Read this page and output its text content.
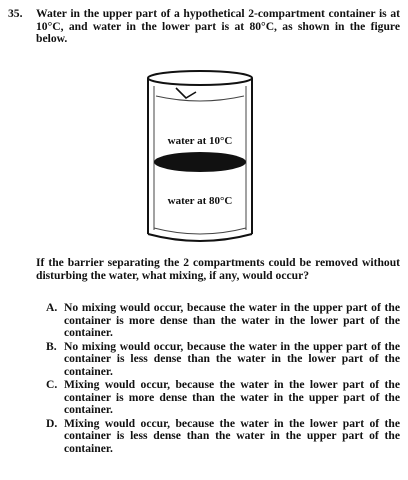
35. Water in the upper part of a hypothetical 2-compartment container is at 10°C, and water in the lower part is at 80°C, as shown in the figure below.
water at 10°C
water at 80°C
If the barrier separating the 2 compartments could be removed without disturbing the water, what mixing, if any, would occur?
A. No mixing would occur, because the water in the upper part of the container is more dense than the water in the lower part of the container.
B. No mixing would occur, because the water in the upper part of the container is less dense than the water in the lower part of the container.
C. Mixing would occur, because the water in the lower part of the container is more dense than the water in the upper part of the container.
D. Mixing would occur, because the water in the lower part of the container is less dense than the water in the upper part of the container.
